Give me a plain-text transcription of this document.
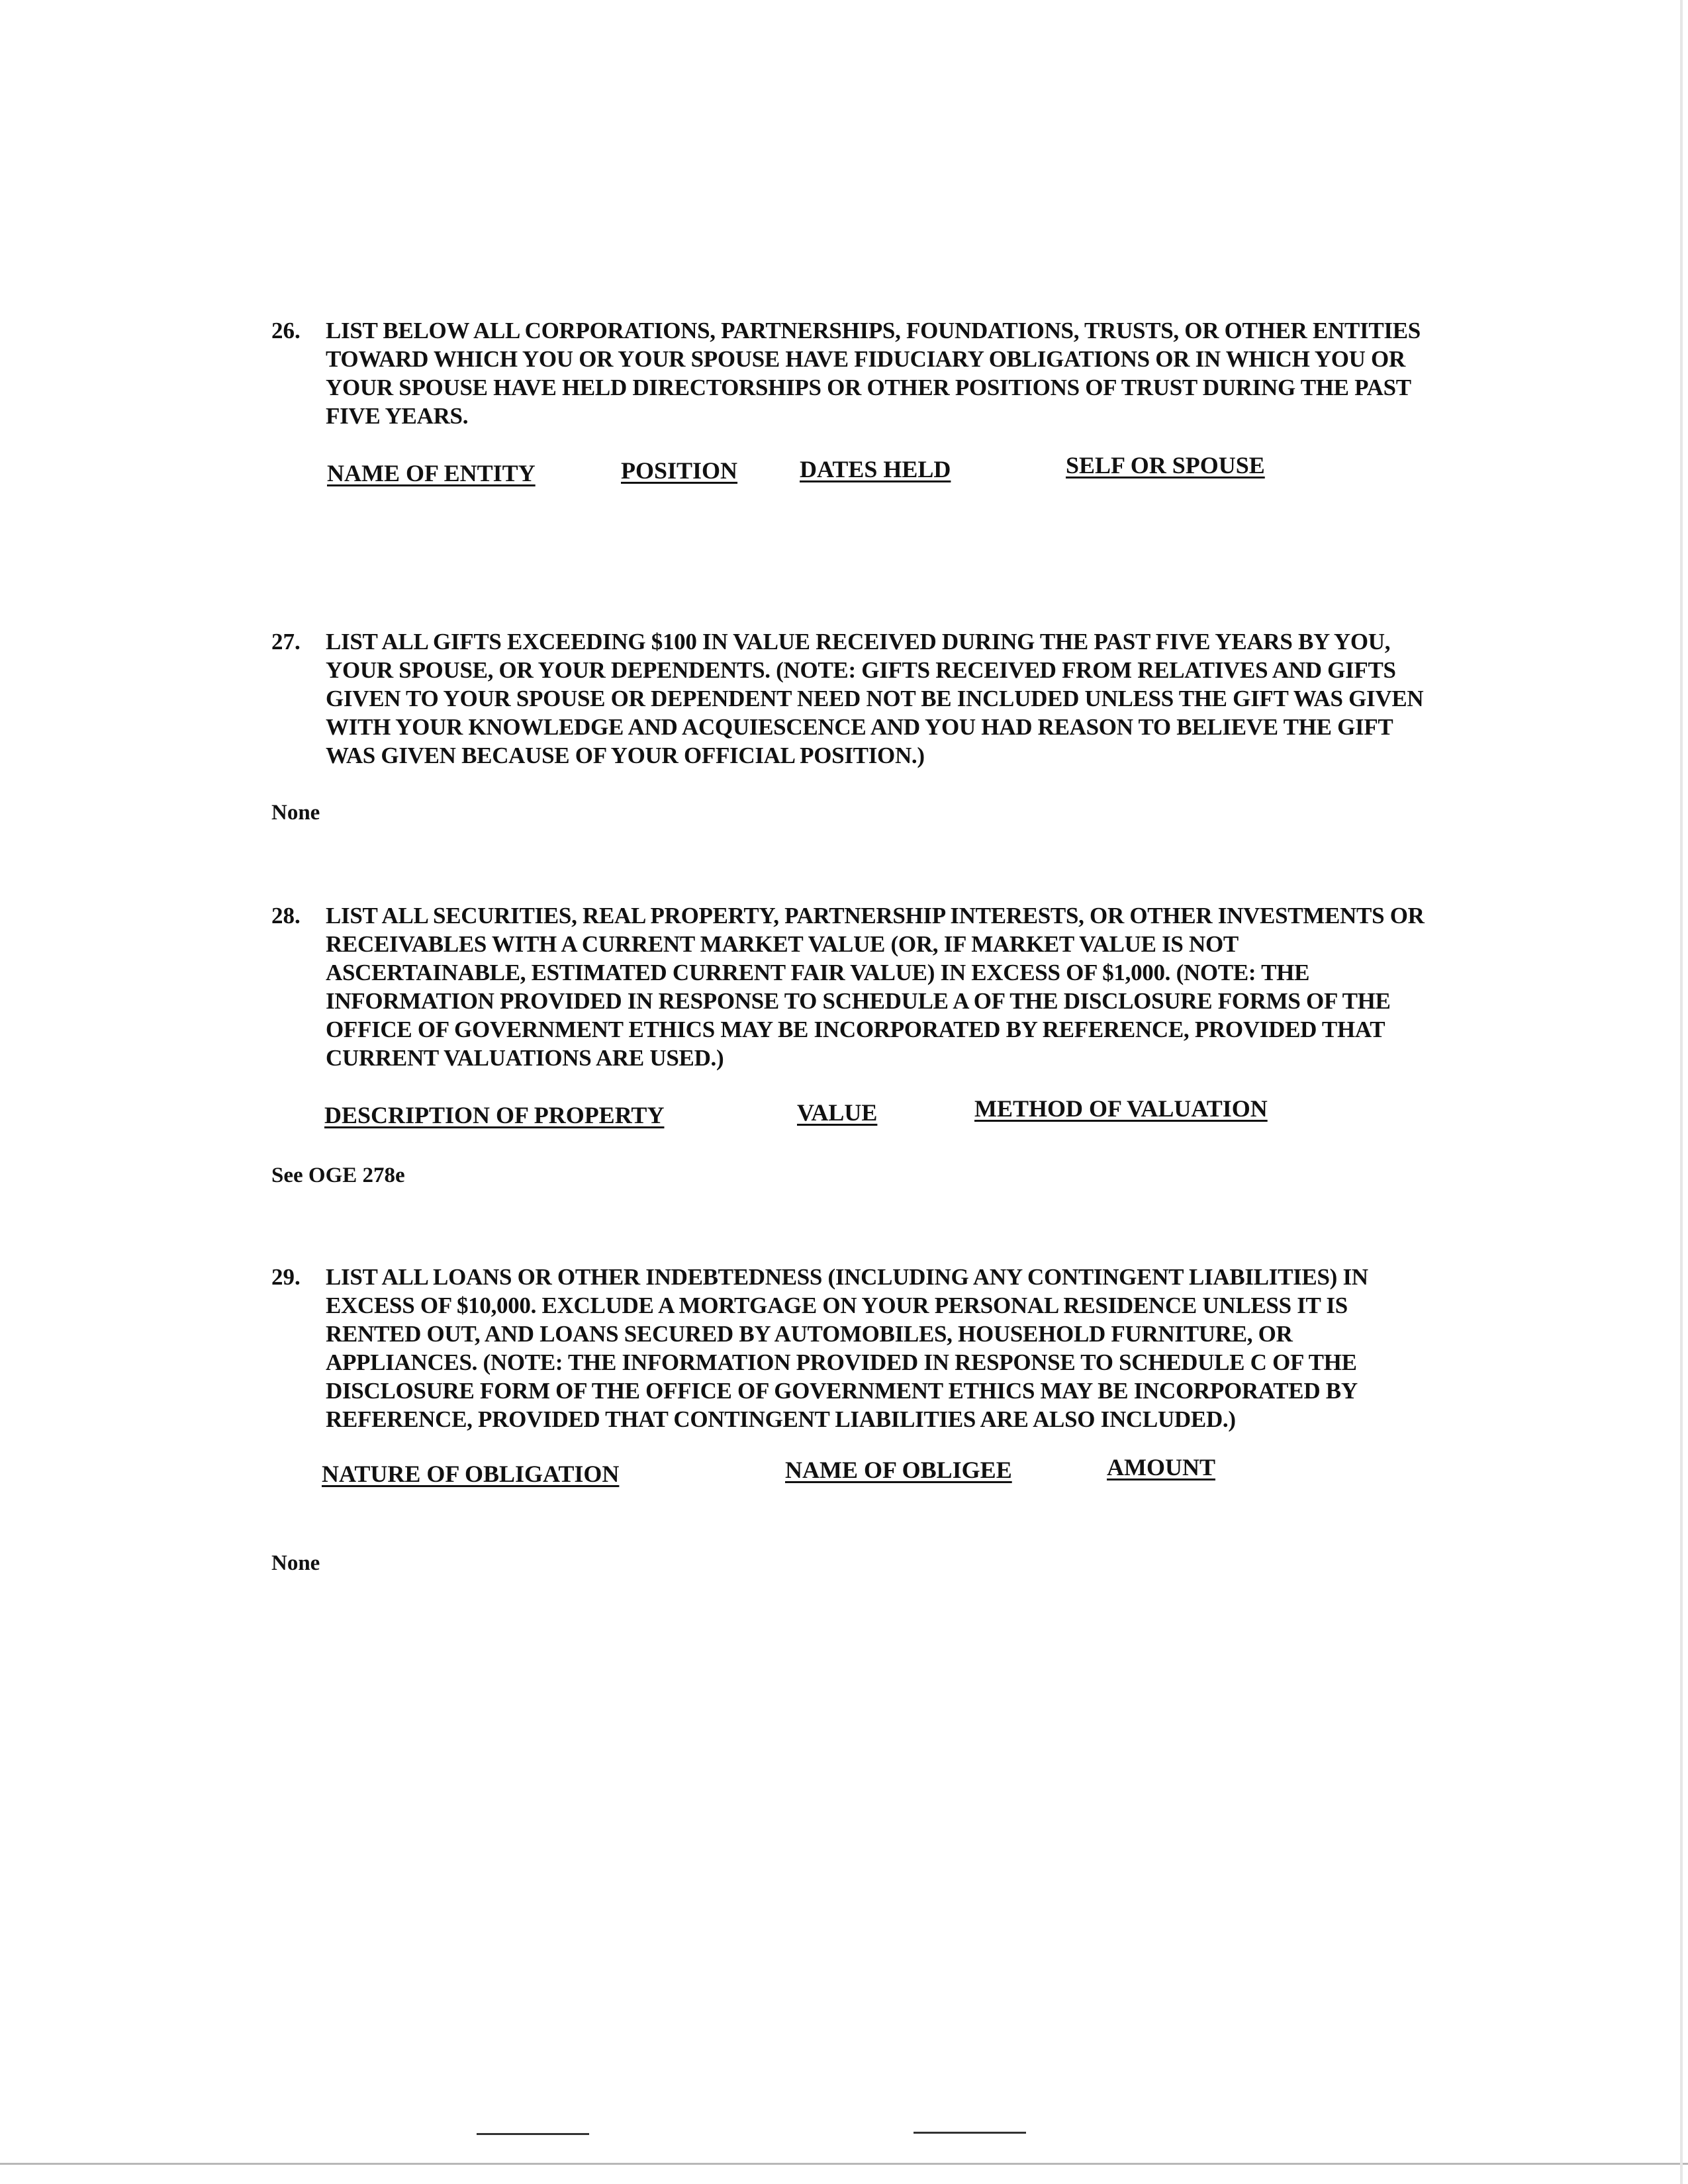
26. LIST BELOW ALL CORPORATIONS, PARTNERSHIPS, FOUNDATIONS, TRUSTS, OR OTHER ENTITIES TOWARD WHICH YOU OR YOUR SPOUSE HAVE FIDUCIARY OBLIGATIONS OR IN WHICH YOU OR YOUR SPOUSE HAVE HELD DIRECTORSHIPS OR OTHER POSITIONS OF TRUST DURING THE PAST FIVE YEARS.
NAME OF ENTITY	POSITION	DATES HELD	SELF OR SPOUSE
27. LIST ALL GIFTS EXCEEDING $100 IN VALUE RECEIVED DURING THE PAST FIVE YEARS BY YOU, YOUR SPOUSE, OR YOUR DEPENDENTS. (NOTE: GIFTS RECEIVED FROM RELATIVES AND GIFTS GIVEN TO YOUR SPOUSE OR DEPENDENT NEED NOT BE INCLUDED UNLESS THE GIFT WAS GIVEN WITH YOUR KNOWLEDGE AND ACQUIESCENCE AND YOU HAD REASON TO BELIEVE THE GIFT WAS GIVEN BECAUSE OF YOUR OFFICIAL POSITION.)
None
28. LIST ALL SECURITIES, REAL PROPERTY, PARTNERSHIP INTERESTS, OR OTHER INVESTMENTS OR RECEIVABLES WITH A CURRENT MARKET VALUE (OR, IF MARKET VALUE IS NOT ASCERTAINABLE, ESTIMATED CURRENT FAIR VALUE) IN EXCESS OF $1,000. (NOTE: THE INFORMATION PROVIDED IN RESPONSE TO SCHEDULE A OF THE DISCLOSURE FORMS OF THE OFFICE OF GOVERNMENT ETHICS MAY BE INCORPORATED BY REFERENCE, PROVIDED THAT CURRENT VALUATIONS ARE USED.)
DESCRIPTION OF PROPERTY	VALUE	METHOD OF VALUATION
See OGE 278e
29. LIST ALL LOANS OR OTHER INDEBTEDNESS (INCLUDING ANY CONTINGENT LIABILITIES) IN EXCESS OF $10,000. EXCLUDE A MORTGAGE ON YOUR PERSONAL RESIDENCE UNLESS IT IS RENTED OUT, AND LOANS SECURED BY AUTOMOBILES, HOUSEHOLD FURNITURE, OR APPLIANCES. (NOTE: THE INFORMATION PROVIDED IN RESPONSE TO SCHEDULE C OF THE DISCLOSURE FORM OF THE OFFICE OF GOVERNMENT ETHICS MAY BE INCORPORATED BY REFERENCE, PROVIDED THAT CONTINGENT LIABILITIES ARE ALSO INCLUDED.)
NATURE OF OBLIGATION	NAME OF OBLIGEE	AMOUNT
None
